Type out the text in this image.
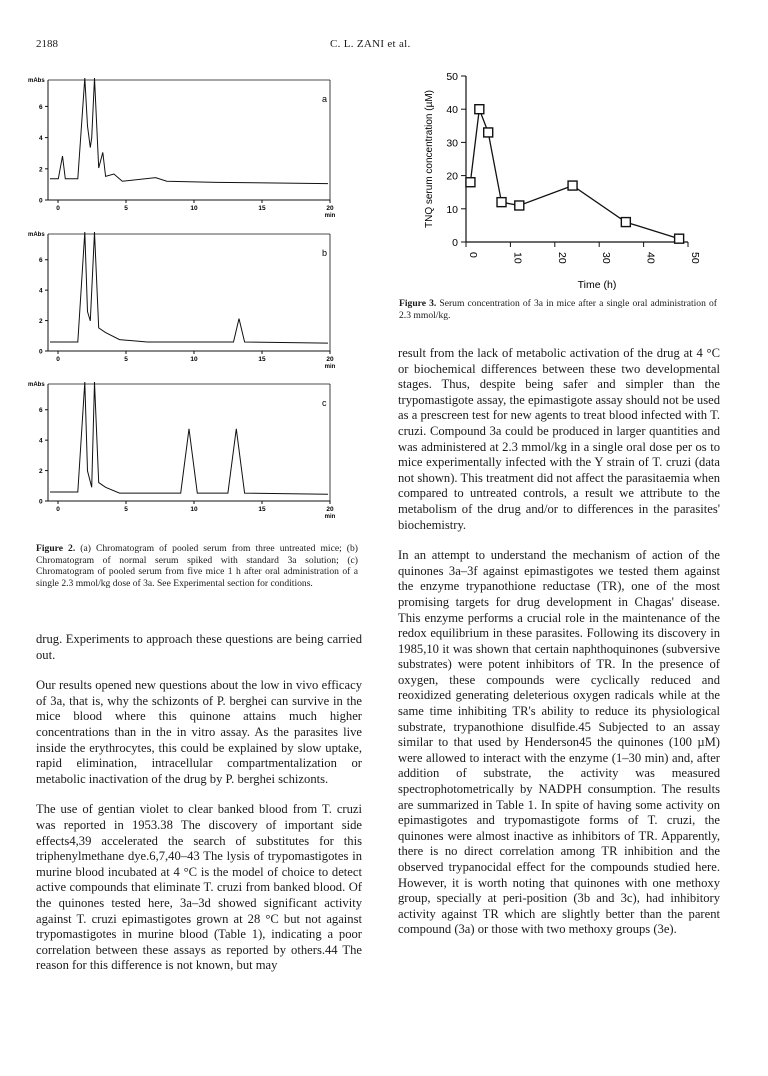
2188	C. L. ZANI et al.
mAbs
6
4
2
0
0	5	10	15	20
min
a
mAbs
6
4
2
0
0	5	10	15	20
min
b
mAbs
6
4
2
0
0	5	10	15	20
min
c
Figure 2. (a) Chromatogram of pooled serum from three untreated mice; (b) Chromatogram of normal serum spiked with standard 3a solution; (c) Chromatogram of pooled serum from five mice 1 h after oral administration of a single 2.3 mmol/kg dose of 3a. See Experimental section for conditions.
0
10
20
30
40
50
0	10	20	30	40	50
Time (h)
TNQ serum concentration (µM)
Figure 3. Serum concentration of 3a in mice after a single oral administration of 2.3 mmol/kg.

drug. Experiments to approach these questions are being carried out.

Our results opened new questions about the low in vivo efficacy of 3a, that is, why the schizonts of P. berghei can survive in the mice blood where this quinone attains much higher concentrations than in the in vitro assay. As the parasites live inside the erythrocytes, this could be explained by slow uptake, rapid elimination, intracellular compartmentalization or metabolic inactivation of the drug by P. berghei schizonts.

The use of gentian violet to clear banked blood from T. cruzi was reported in 1953.38 The discovery of important side effects4,39 accelerated the search of substitutes for this triphenylmethane dye.6,7,40–43 The lysis of trypomastigotes in murine blood incubated at 4 °C is the model of choice to detect active compounds that eliminate T. cruzi from banked blood. Of the quinones tested here, 3a–3d showed significant activity against T. cruzi epimastigotes grown at 28 °C but not against trypomastigotes in murine blood (Table 1), indicating a poor correlation between these assays as reported by others.44 The reason for this difference is not known, but may

result from the lack of metabolic activation of the drug at 4 °C or biochemical differences between these two developmental stages. Thus, despite being safer and simpler than the trypomastigote assay, the epimastigote assay should not be used as a prescreen test for new agents to treat blood infected with T. cruzi. Compound 3a could be produced in larger quantities and was administered at 2.3 mmol/kg in a single oral dose per os to mice experimentally infected with the Y strain of T. cruzi (data not shown). This treatment did not affect the parasitaemia when compared to untreated controls, a result we attribute to the metabolism of the drug and/or to differences in the parasites' biochemistry.

In an attempt to understand the mechanism of action of the quinones 3a–3f against epimastigotes we tested them against the enzyme trypanothione reductase (TR), one of the most promising targets for drug development in Chagas' disease. This enzyme performs a crucial role in the maintenance of the redox equilibrium in these parasites. Following its discovery in 1985,10 it was shown that certain naphthoquinones (subversive substrates) were potent inhibitors of TR. In the presence of oxygen, these compounds were cyclically reduced and reoxidized generating deleterious oxygen radicals while at the same time inhibiting TR's ability to reduce its physiological substrate, trypanothione disulfide.45 Subjected to an assay similar to that used by Henderson45 the quinones (100 µM) were allowed to interact with the enzyme (1–30 min) and, after addition of substrate, the activity was measured spectrophotometrically by NADPH consumption. The results are summarized in Table 1. In spite of having some activity on epimastigotes and trypomastigote forms of T. cruzi, the quinones were almost inactive as inhibitors of TR. Apparently, there is no direct correlation among TR inhibition and the observed trypanocidal effect for the compounds studied here. However, it is worth noting that quinones with one methoxy group, specially at peri-position (3b and 3c), had inhibitory activity against TR which are slightly better than the parent compound (3a) or those with two methoxy groups (3e).
